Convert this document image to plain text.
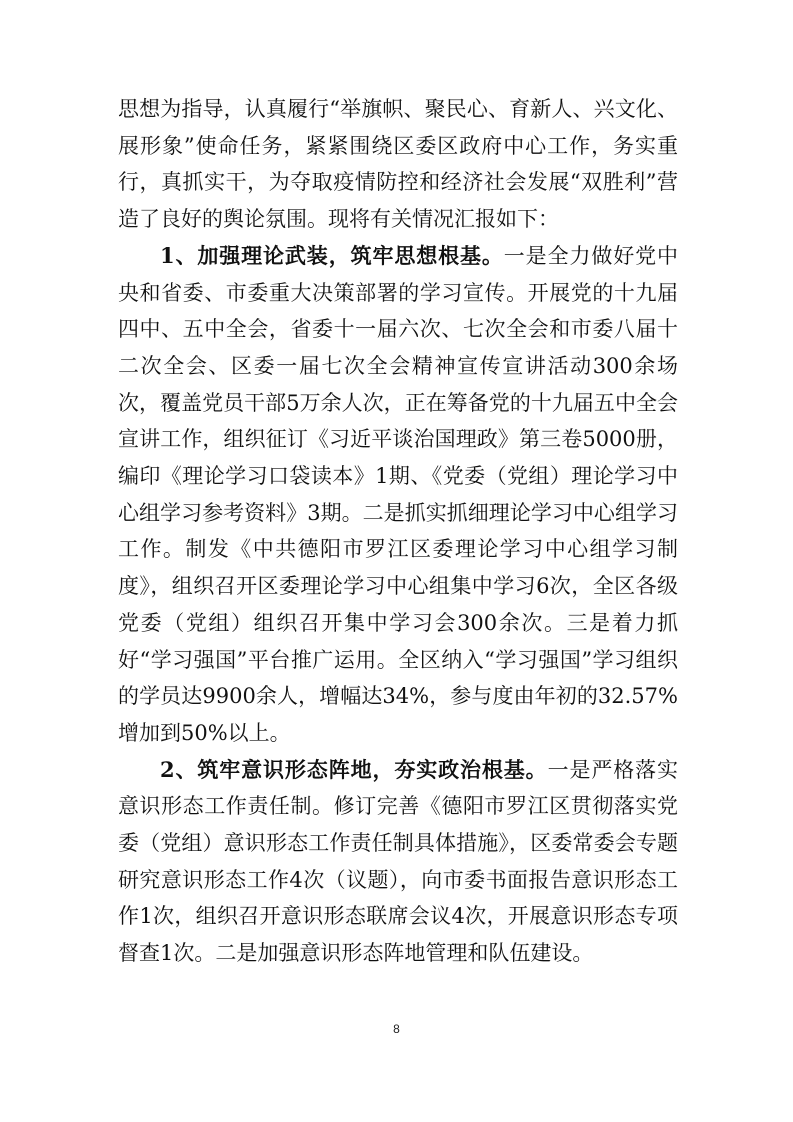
思想为指导，认真履行“举旗帜、聚民心、育新人、兴文化、展形象”使命任务，紧紧围绕区委区政府中心工作，务实重行，真抓实干，为夺取疫情防控和经济社会发展“双胜利”营造了良好的舆论氛围。现将有关情况汇报如下：

1、加强理论武装，筑牢思想根基。一是全力做好党中央和省委、市委重大决策部署的学习宣传。开展党的十九届四中、五中全会，省委十一届六次、七次全会和市委八届十二次全会、区委一届七次全会精神宣传宣讲活动300余场次，覆盖党员干部5万余人次，正在筹备党的十九届五中全会宣讲工作，组织征订《习近平谈治国理政》第三卷5000册，编印《理论学习口袋读本》1期、《党委（党组）理论学习中心组学习参考资料》3期。二是抓实抓细理论学习中心组学习工作。制发《中共德阳市罗江区委理论学习中心组学习制度》，组织召开区委理论学习中心组集中学习6次，全区各级党委（党组）组织召开集中学习会300余次。三是着力抓好“学习强国”平台推广运用。全区纳入“学习强国”学习组织的学员达9900余人，增幅达34%，参与度由年初的32.57%增加到50%以上。

2、筑牢意识形态阵地，夯实政治根基。一是严格落实意识形态工作责任制。修订完善《德阳市罗江区贯彻落实党委（党组）意识形态工作责任制具体措施》，区委常委会专题研究意识形态工作4次（议题），向市委书面报告意识形态工作1次，组织召开意识形态联席会议4次，开展意识形态专项督查1次。二是加强意识形态阵地管理和队伍建设。

8
